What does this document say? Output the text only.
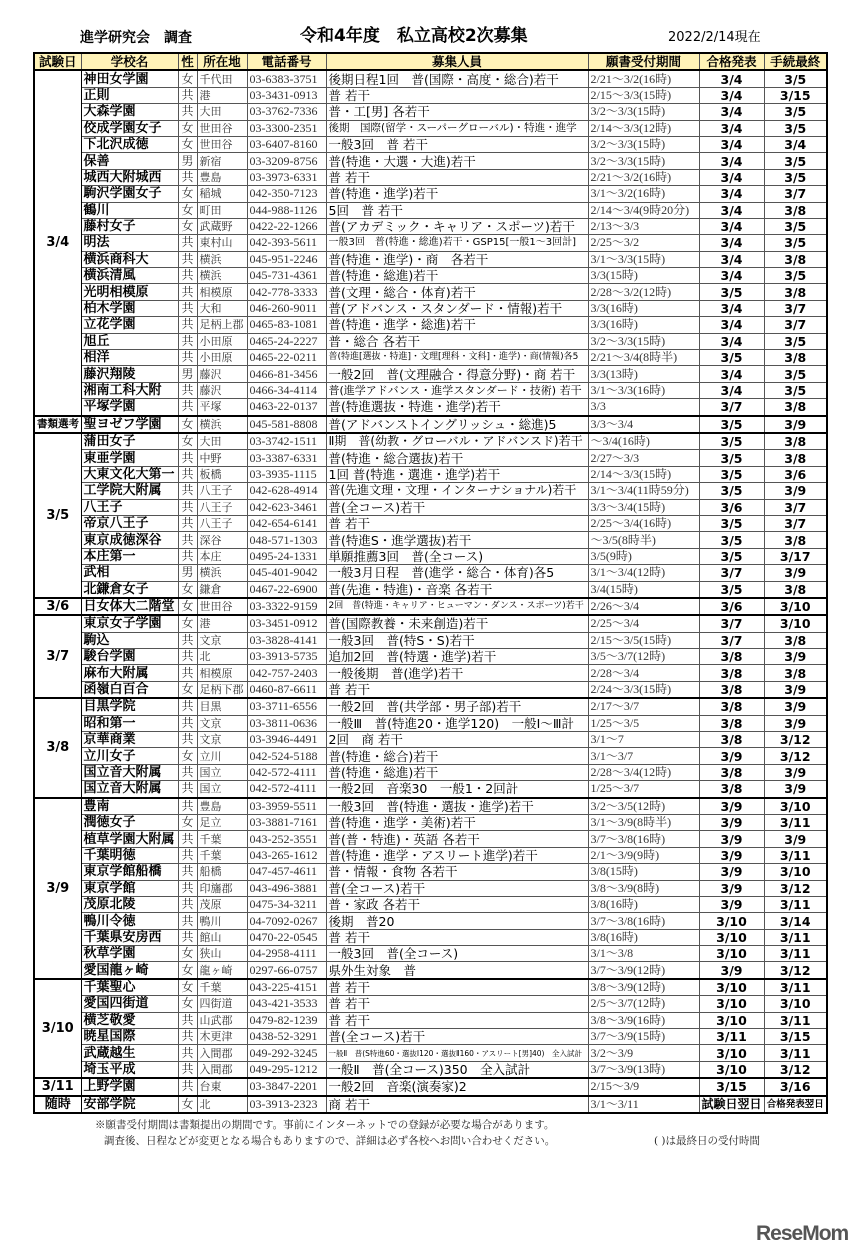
進学研究会　調査	令和4年度　私立高校2次募集	2022/2/14現在
試験日	学校名	性	所在地	電話番号	募集人員	願書受付期間	合格発表	手続最終
3/4	神田女学園	女	千代田	03-6383-3751	後期日程1回　普(国際・高度・総合)若干	2/21～3/2(16時)	3/4	3/5
	正則	共	港	03-3431-0913	普 若干	2/15～3/3(15時)	3/4	3/15
	大森学園	共	大田	03-3762-7336	普・工[男] 各若干	3/2～3/3(15時)	3/4	3/5
	佼成学園女子	女	世田谷	03-3300-2351	後期　国際(留学・スーパーグローバル)・特進・進学	2/14～3/3(12時)	3/4	3/5
	下北沢成徳	女	世田谷	03-6407-8160	一般3回　普 若干	3/2～3/3(15時)	3/4	3/4
	保善	男	新宿	03-3209-8756	普(特進・大選・大進)若干	3/2～3/3(15時)	3/4	3/5
	城西大附城西	共	豊島	03-3973-6331	普 若干	2/21～3/2(16時)	3/4	3/5
	駒沢学園女子	女	稲城	042-350-7123	普(特進・進学)若干	3/1～3/2(16時)	3/4	3/7
	鶴川	女	町田	044-988-1126	5回　普 若干	2/14～3/4(9時20分)	3/4	3/8
	藤村女子	女	武蔵野	0422-22-1266	普(アカデミック・キャリア・スポーツ)若干	2/13～3/3	3/4	3/5
	明法	共	東村山	042-393-5611	一般3回　普(特進・総進)若干・GSP15[一般1～3回計]	2/25～3/2	3/4	3/5
	横浜商科大	共	横浜	045-951-2246	普(特進・進学)・商　各若干	3/1～3/3(15時)	3/4	3/8
	横浜清風	共	横浜	045-731-4361	普(特進・総進)若干	3/3(15時)	3/4	3/5
	光明相模原	共	相模原	042-778-3333	普(文理・総合・体育)若干	2/28～3/2(12時)	3/5	3/8
	柏木学園	共	大和	046-260-9011	普(アドバンス・スタンダード・情報)若干	3/3(16時)	3/4	3/7
	立花学園	共	足柄上郡	0465-83-1081	普(特進・進学・総進)若干	3/3(16時)	3/4	3/7
	旭丘	共	小田原	0465-24-2227	普・総合 各若干	3/2～3/3(15時)	3/4	3/5
	相洋	共	小田原	0465-22-0211	普(特進[選抜・特進]・文理[理科・文科]・進学)・商(情報)各5	2/21～3/4(8時半)	3/5	3/8
	藤沢翔陵	男	藤沢	0466-81-3456	一般2回　普(文理融合・得意分野)・商 若干	3/3(13時)	3/4	3/5
	湘南工科大附	共	藤沢	0466-34-4114	普(進学アドバンス・進学スタンダード・技術) 若干	3/1～3/3(16時)	3/4	3/5
	平塚学園	共	平塚	0463-22-0137	普(特進選抜・特進・進学)若干	3/3	3/7	3/8
書類選考	聖ヨゼフ学園	女	横浜	045-581-8808	普(アドバンストイングリッシュ・総進)5	3/3～3/4	3/5	3/9
3/5	蒲田女子	女	大田	03-3742-1511	Ⅱ期　普(幼教・グローバル・アドバンスド)若干	～3/4(16時)	3/5	3/8
	東亜学園	共	中野	03-3387-6331	普(特進・総合選抜)若干	2/27～3/3	3/5	3/8
	大東文化大第一	共	板橋	03-3935-1115	1回 普(特進・選進・進学)若干	2/14～3/3(15時)	3/5	3/6
	工学院大附属	共	八王子	042-628-4914	普(先進文理・文理・インターナショナル)若干	3/1～3/4(11時59分)	3/5	3/9
	八王子	共	八王子	042-623-3461	普(全コース)若干	3/3～3/4(15時)	3/6	3/7
	帝京八王子	共	八王子	042-654-6141	普 若干	2/25～3/4(16時)	3/5	3/7
	東京成徳深谷	共	深谷	048-571-1303	普(特進S・進学選抜)若干	～3/5(8時半)	3/5	3/8
	本庄第一	共	本庄	0495-24-1331	単願推薦3回　普(全コース)	3/5(9時)	3/5	3/17
	武相	男	横浜	045-401-9042	一般3月日程　普(進学・総合・体育)各5	3/1～3/4(12時)	3/7	3/9
	北鎌倉女子	女	鎌倉	0467-22-6900	普(先進・特進)・音楽 各若干	3/4(15時)	3/5	3/8
3/6	日女体大二階堂	女	世田谷	03-3322-9159	2回　普(特進・キャリア・ヒューマン・ダンス・スポーツ)若干	2/26～3/4	3/6	3/10
3/7	東京女子学園	女	港	03-3451-0912	普(国際教養・未来創造)若干	2/25～3/4	3/7	3/10
	駒込	共	文京	03-3828-4141	一般3回　普(特S・S)若干	2/15～3/5(15時)	3/7	3/8
	駿台学園	共	北	03-3913-5735	追加2回　普(特選・進学)若干	3/5～3/7(12時)	3/8	3/9
	麻布大附属	共	相模原	042-757-2403	一般後期　普(進学)若干	2/28～3/4	3/8	3/8
	函嶺白百合	女	足柄下郡	0460-87-6611	普 若干	2/24～3/3(15時)	3/8	3/9
3/8	目黒学院	共	目黒	03-3711-6556	一般2回　普(共学部・男子部)若干	2/17～3/7	3/8	3/9
	昭和第一	共	文京	03-3811-0636	一般Ⅲ　普(特進20・進学120)　一般Ⅰ～Ⅲ計	1/25～3/5	3/8	3/9
	京華商業	共	文京	03-3946-4491	2回　商 若干	3/1～7	3/8	3/12
	立川女子	女	立川	042-524-5188	普(特進・総合)若干	3/1～3/7	3/9	3/12
	国立音大附属	共	国立	042-572-4111	普(特進・総進)若干	2/28～3/4(12時)	3/8	3/9
	国立音大附属	共	国立	042-572-4111	一般2回　音楽30　一般1・2回計	1/25～3/7	3/8	3/9
3/9	豊南	共	豊島	03-3959-5511	一般3回　普(特進・選抜・進学)若干	3/2～3/5(12時)	3/9	3/10
	潤徳女子	女	足立	03-3881-7161	普(特進・進学・美術)若干	3/1～3/9(8時半)	3/9	3/11
	植草学園大附属	共	千葉	043-252-3551	普(普・特進)・英語 各若干	3/7～3/8(16時)	3/9	3/9
	千葉明徳	共	千葉	043-265-1612	普(特進・進学・アスリート進学)若干	2/1～3/9(9時)	3/9	3/11
	東京学館船橋	共	船橋	047-457-4611	普・情報・食物 各若干	3/8(15時)	3/9	3/10
	東京学館	共	印旛郡	043-496-3881	普(全コース)若干	3/8～3/9(8時)	3/9	3/12
	茂原北陵	共	茂原	0475-34-3211	普・家政 各若干	3/8(16時)	3/9	3/11
	鴨川令徳	共	鴨川	04-7092-0267	後期　普20	3/7～3/8(16時)	3/10	3/14
	千葉県安房西	共	館山	0470-22-0545	普 若干	3/8(16時)	3/10	3/11
	秋草学園	女	狭山	04-2958-4111	一般3回　普(全コース)	3/1～3/8	3/10	3/11
	愛国龍ヶ崎	女	龍ヶ崎	0297-66-0757	県外生対象　普	3/7～3/9(12時)	3/9	3/12
3/10	千葉聖心	女	千葉	043-225-4151	普 若干	3/8～3/9(12時)	3/10	3/11
	愛国四街道	女	四街道	043-421-3533	普 若干	2/5～3/7(12時)	3/10	3/10
	横芝敬愛	共	山武郡	0479-82-1239	普 若干	3/8～3/9(16時)	3/10	3/11
	暁星国際	共	木更津	0438-52-3291	普(全コース)若干	3/7～3/9(15時)	3/11	3/15
	武蔵越生	共	入間郡	049-292-3245	一般Ⅱ　普(S特進60・選抜Ⅰ120・選抜Ⅱ160・アスリート[男]40)　全入試計	3/2～3/9	3/10	3/11
	埼玉平成	共	入間郡	049-295-1212	一般Ⅱ　普(全コース)350　全入試計	3/7～3/9(13時)	3/10	3/12
3/11	上野学園	共	台東	03-3847-2201	一般2回　音楽(演奏家)2	2/15～3/9	3/15	3/16
随時	安部学院	女	北	03-3913-2323	商 若干	3/1～3/11	試験日翌日	合格発表翌日
※願書受付期間は書類提出の期間です。事前にインターネットでの登録が必要な場合があります。
調査後、日程などが変更となる場合もありますので、詳細は必ず各校へお問い合わせください。	( )は最終日の受付時間
ReseMom
